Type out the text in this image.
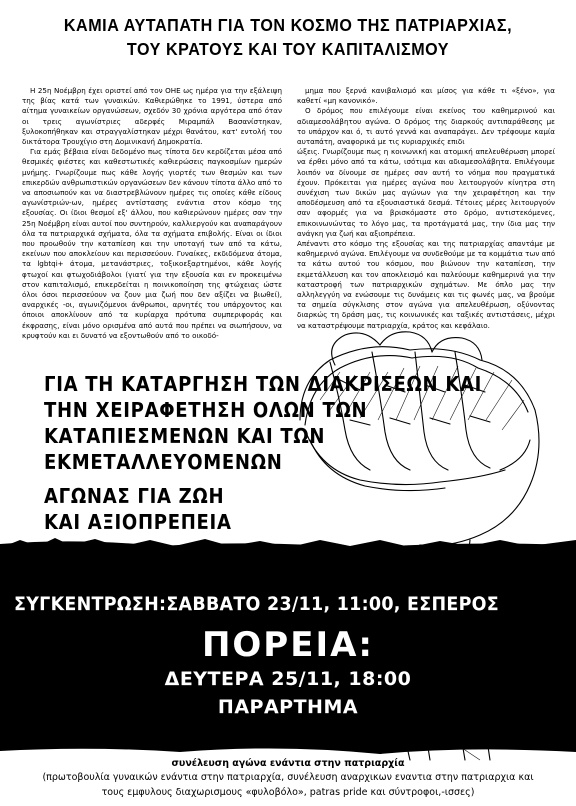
ΚΑΜΙΑ ΑΥΤΑΠΑΤΗ ΓΙΑ ΤΟΝ ΚΟΣΜΟ ΤΗΣ ΠΑΤΡΙΑΡΧΙΑΣ,
ΤΟΥ ΚΡΑΤΟΥΣ ΚΑΙ ΤΟΥ ΚΑΠΙΤΑΛΙΣΜΟΥ

Η 25η Νοέμβρη έχει οριστεί από τον ΟΗΕ ως ημέρα για την εξάλειψη της βίας κατά των γυναικών. Καθιερώθηκε το 1991, ύστερα από αίτημα γυναικείων οργανώσεων, σχεδόν 30 χρόνια αργότερα από όταν οι τρεις αγωνίστριες αδερφές Μιραμπάλ Βασανίστηκαν, ξυλοκοπήθηκαν και στραγγαλίστηκαν μέχρι θανάτου, κατ' εντολή του δικτάτορα Τρουχίγιο στη Δομινικανή Δημοκρατία.

Για εμάς βέβαια είναι δεδομένο πως τίποτα δεν κερδίζεται μέσα από θεσμικές φιέστες και καθεστωτικές καθιερώσεις παγκοσμίων ημερών μνήμης. Γνωρίζουμε πως κάθε λογής γιορτές των θεσμών και των επικερδών ανθρωπιστικών οργανώσεων δεν κάνουν τίποτα άλλο από το να αποσιωπούν και να διαστρεβλώνουν ημέρες τις οποίες κάθε είδους αγωνίστριών-ων, ημέρες αντίστασης ενάντια στον κόσμο της εξουσίας. Οι ίδιοι θεσμοί εξ' άλλου, που καθιερώνουν ημέρες σαν την 25η Νοέμβρη είναι αυτοί που συντηρούν, καλλιεργούν και αναπαράγουν όλα τα πατριαρχικά σχήματα, όλα τα σχήματα επιβολής. Είναι οι ίδιοι που προωθούν την καταπίεση και την υποταγή των από τα κάτω, εκείνων που αποκλείουν και περισσεύουν. Γυναίκες, εκδιδόμενα άτομα, τα lgbtqi+ άτομα, μετανάστριες, τοξικοεξαρτημένοι, κάθε λογής φτωχοί και φτωχοδιάβολοι (γιατί για την εξουσία και εν προκειμένω στον καπιταλισμό, επικερδείται η ποινικοποίηση της φτώχειας ώστε όλοι όσοι περισσεύουν να ζουν μια ζωή που δεν αξίζει να βιωθεί), αναρχικές -οι, αγωνιζόμενοι άνθρωποι, αρνητές του υπάρχοντος και όποιοι αποκλίνουν από τα κυρίαρχα πρότυπα συμπεριφοράς και έκφρασης, είναι μόνο ορισμένα από αυτά που πρέπει να σιωπήσουν, να κρυφτούν και ει δυνατό να εξοντωθούν από το οικοδό-

μημα που ξερνά κανιβαλισμό και μίσος για κάθε τι «ξένο», για καθετί «μη κανονικό».

Ο δρόμος που επιλέγουμε είναι εκείνος του καθημερινού και αδιαμεσολάβητου αγώνα. Ο δρόμος της διαρκούς αντιπαράθεσης με το υπάρχον και ό, τι αυτό γεννά και αναπαράγει. Δεν τρέφουμε καμία αυταπάτη, αναφορικά με τις κυριαρχικές επιδι

ώξεις. Γνωρίζουμε πως η κοινωνική και ατομική απελευθέρωση μπορεί να έρθει μόνο από τα κάτω, ισότιμα και αδιαμεσολάβητα. Επιλέγουμε λοιπόν να δίνουμε σε ημέρες σαν αυτή το νόημα που πραγματικά έχουν. Πρόκειται για ημέρες αγώνα που λειτουργούν κίνητρα στη συνέχιση των δικών μας αγώνων για την χειραφέτηση και την αποδέσμευση από τα εξουσιαστικά δεσμά. Τέτοιες μέρες λειτουργούν σαν αφορμές για να βρισκόμαστε στο δρόμο, αντιστεκόμενες, επικοινωνώντας το λόγο μας, τα προτάγματά μας, την ίδια μας την ανάγκη για ζωή και αξιοπρέπεια.

Απέναντι στο κόσμο της εξουσίας και της πατριαρχίας απαντάμε με καθημερινό αγώνα. Επιλέγουμε να συνδεθούμε με τα κομμάτια των από τα κάτω αυτού του κόσμου, που βιώνουν την καταπίεση, την εκμετάλλευση και τον αποκλεισμό και παλεύουμε καθημερινά για την καταστροφή των πατριαρχικών σχημάτων. Με όπλο μας την αλληλεγγύη να ενώσουμε τις δυνάμεις και τις φωνές μας, να βρούμε τα σημεία σύγκλισης στον αγώνα για απελευθέρωση, οξύνοντας διαρκώς τη δράση μας, τις κοινωνικές και ταξικές αντιστάσεις, μέχρι να καταστρέψουμε πατριαρχία, κράτος και κεφάλαιο.

ΓΙΑ ΤΗ ΚΑΤΑΡΓΗΣΗ ΤΩΝ ΔΙΑΚΡΙΣΕΩΝ ΚΑΙ
ΤΗΝ ΧΕΙΡΑΦΕΤΗΣΗ ΟΛΩΝ ΤΩΝ
ΚΑΤΑΠΙΕΣΜΕΝΩΝ ΚΑΙ ΤΩΝ
ΕΚΜΕΤΑΛΛΕΥΟΜΕΝΩΝ
ΑΓΩΝΑΣ ΓΙΑ ΖΩΗ
ΚΑΙ ΑΞΙΟΠΡΕΠΕΙΑ
ΣΥΓΚΕΝΤΡΩΣΗ:ΣΑΒΒΑΤΟ 23/11, 11:00, ΕΣΠΕΡΟΣ
ΠΟΡΕΙΑ:
ΔΕΥΤΕΡΑ 25/11, 18:00
ΠΑΡΑΡΤΗΜΑ
συνέλευση αγώνα ενάντια στην πατριαρχία
(πρωτοβουλία γυναικών ενάντια στην πατριαρχία, συνέλευση αναρχικων εναντια στην πατριαρχια και τους εμφυλους διαχωρισμους «φυλοβόλο», patras pride και σύντροφοι,-ισσες)
